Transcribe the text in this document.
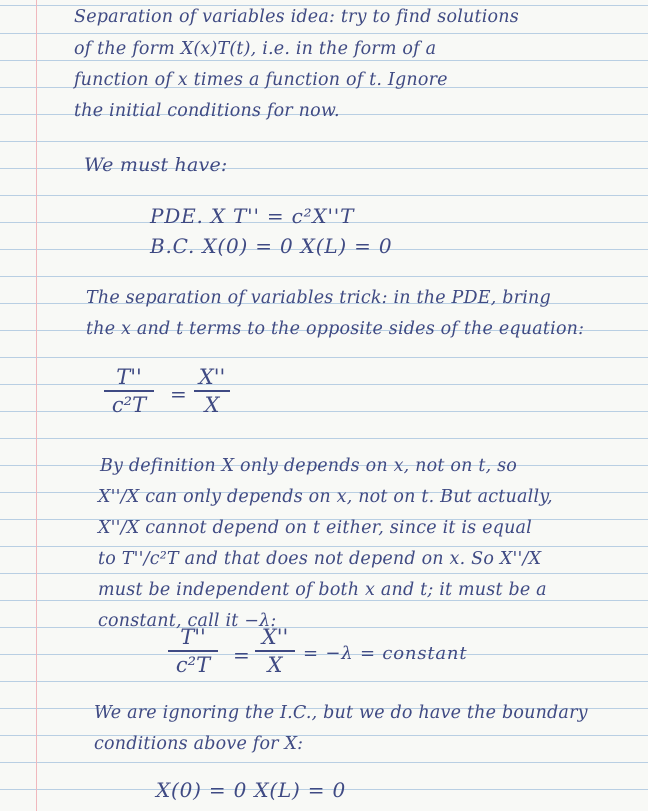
Separation of variables idea: try to find solutions
of the form X(x)T(t), i.e. in the form of a
function of x times a function of t. Ignore
the initial conditions for now.
We must have:
PDE. X T'' = c²X''T
B.C. X(0) = 0 X(L) = 0
The separation of variables trick: in the PDE, bring
the x and t terms to the opposite sides of the equation:
T''
c²T =
X''
X
By definition X only depends on x, not on t, so
X''/X can only depends on x, not on t. But actually,
X''/X cannot depend on t either, since it is equal
to T''/c²T and that does not depend on x. So X''/X
must be independent of both x and t; it must be a
constant, call it −λ:
T''
c²T =
X''
X = −λ = constant
We are ignoring the I.C., but we do have the boundary
conditions above for X:
X(0) = 0 X(L) = 0
